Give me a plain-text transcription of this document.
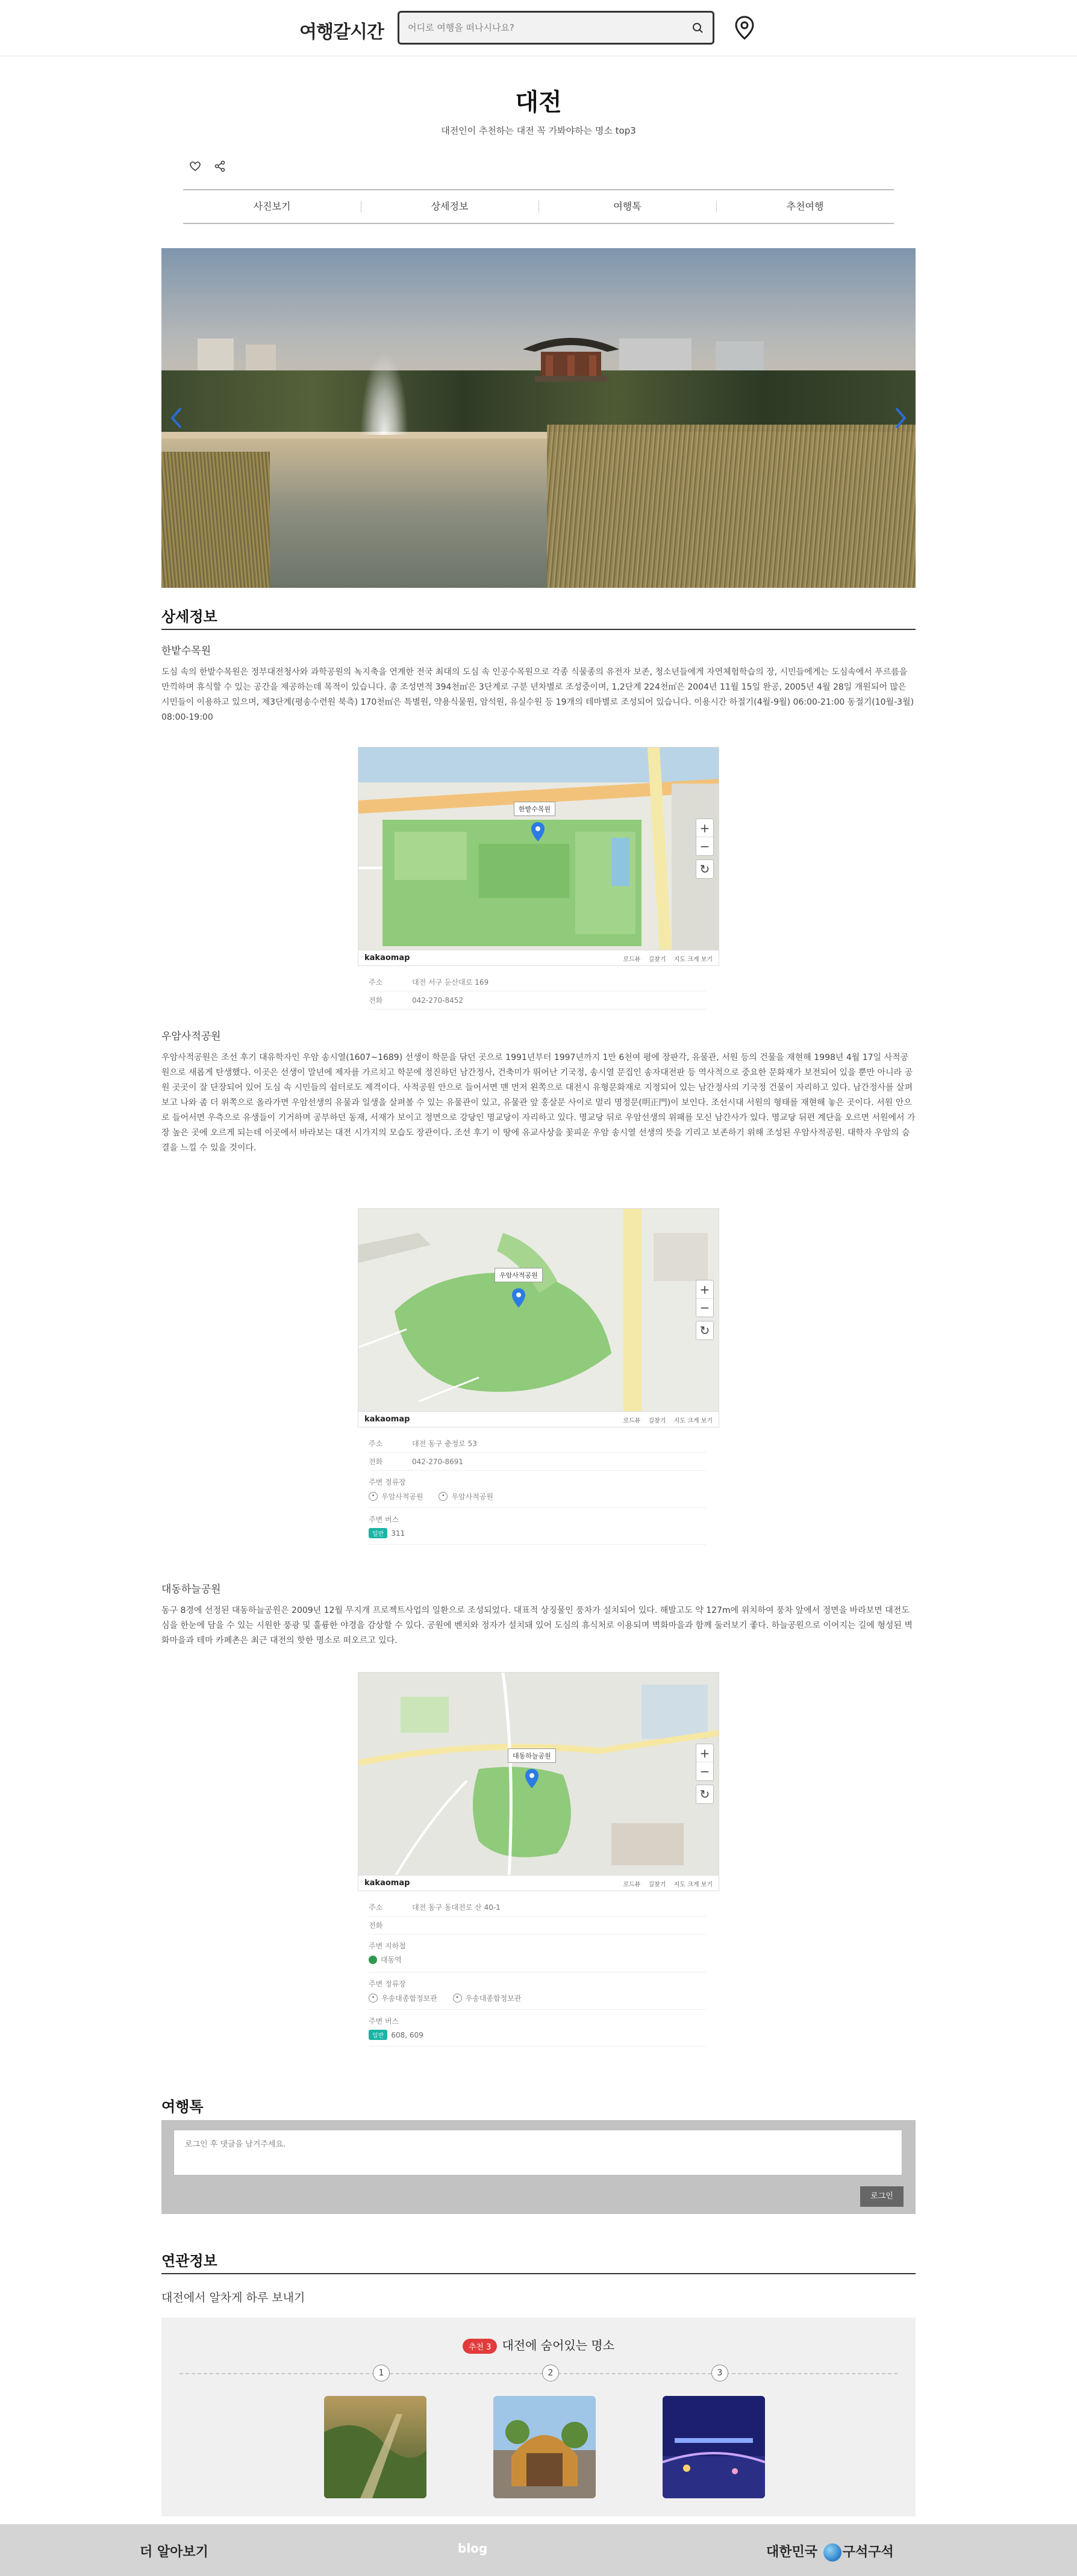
여행갈시간
어디로 여행을 떠나시나요?
대전
대전인이 추천하는 대전 꼭 가봐야하는 명소 top3

사진보기	상세정보	여행톡	추천여행
상세정보
한밭수목원
도심 속의 한밭수목원은 정부대전청사와 과학공원의 녹지축을 연계한 전국 최대의 도심 속 인공수목원으로 각종 식물종의 유전자 보존, 청소년들에게 자연체험학습의 장, 시민들에게는 도심속에서 푸르름을 만끽하며 휴식할 수 있는 공간을 제공하는데 목적이 있습니다. 총 조성면적 394천㎡은 3단계로 구분 년차별로 조성중이며, 1,2단계 224천㎡은 2004년 11월 15일 완공, 2005년 4월 28일 개원되어 많은 시민들이 이용하고 있으며, 제3단계(평송수련원 북측) 170천㎡은 특별원, 약용식물원, 암석원, 유실수원 등 19개의 테마별로 조성되어 있습니다. 이용시간 하절기(4월-9월) 06:00-21:00 동절기(10월-3월) 08:00-19:00
한밭수목원
+
−
↻
kakaomap	로드뷰 길찾기 지도 크게 보기
주소	대전 서구 둔산대로 169
전화	042-270-8452
우암사적공원
우암사적공원은 조선 후기 대유학자인 우암 송시열(1607~1689) 선생이 학문을 닦던 곳으로 1991년부터 1997년까지 1만 6천여 평에 장판각, 유물관, 서원 등의 건물을 재현해 1998년 4월 17일 사적공원으로 새롭게 탄생했다. 이곳은 선생이 말년에 제자를 가르치고 학문에 정진하던 남간정사, 건축미가 뛰어난 기국정, 송시열 문집인 송자대전판 등 역사적으로 중요한 문화재가 보전되어 있을 뿐만 아니라 공원 곳곳이 잘 단장되어 있어 도심 속 시민들의 쉼터로도 제격이다. 사적공원 안으로 들어서면 맨 먼저 왼쪽으로 대전시 유형문화재로 지정되어 있는 남간정사의 기국정 건물이 자리하고 있다. 남간정사를 살펴보고 나와 좀 더 위쪽으로 올라가면 우암선생의 유물과 일생을 살펴볼 수 있는 유물관이 있고, 유물관 앞 홍살문 사이로 멀리 명정문(明正門)이 보인다. 조선시대 서원의 형태를 재현해 놓은 곳이다. 서원 안으로 들어서면 우측으로 유생들이 기거하며 공부하던 동재, 서재가 보이고 정면으로 강당인 명교당이 자리하고 있다. 명교당 뒤로 우암선생의 위패를 모신 남간사가 있다. 명교당 뒤편 계단을 오르면 서원에서 가장 높은 곳에 오르게 되는데 이곳에서 바라보는 대전 시가지의 모습도 장관이다. 조선 후기 이 땅에 유교사상을 꽃피운 우암 송시열 선생의 뜻을 기리고 보존하기 위해 조성된 우암사적공원. 대학자 우암의 숨결을 느낄 수 있을 것이다.
우암사적공원
+
−
↻
kakaomap	로드뷰 길찾기 지도 크게 보기
주소	대전 동구 충정로 53
전화	042-270-8691
주변 정류장
• 우암사적공원
	• 우암사적공원
주변 버스
일반 311
대동하늘공원
동구 8경에 선정된 대동하늘공원은 2009년 12월 무지개 프로젝트사업의 일환으로 조성되었다. 대표적 상징물인 풍차가 설치되어 있다. 해발고도 약 127m에 위치하여 풍차 앞에서 정면을 바라보면 대전도심을 한눈에 담을 수 있는 시원한 풍광 및 훌륭한 야경을 감상할 수 있다. 공원에 벤치와 정자가 설치돼 있어 도심의 휴식처로 이용되며 벽화마을과 함께 둘러보기 좋다. 하늘공원으로 이어지는 길에 형성된 벽화마을과 테마 카페촌은 최근 대전의 핫한 명소로 떠오르고 있다.
대동하늘공원	+
−
↻
kakaomap	로드뷰 길찾기 지도 크게 보기
주소	대전 동구 동대전로 산 40-1
전화
주변 지하철
대동역
주변 정류장
• 우송대종합정보관
	• 우송대종합정보관
주변 버스
일반 608, 609
여행톡
로그인 후 댓글을 남겨주세요.
로그인
연관정보
대전에서 알차게 하루 보내기
추천 3 대전에 숨어있는 명소
1	2	3
더 알아보기	blog	대한민국 구석구석
